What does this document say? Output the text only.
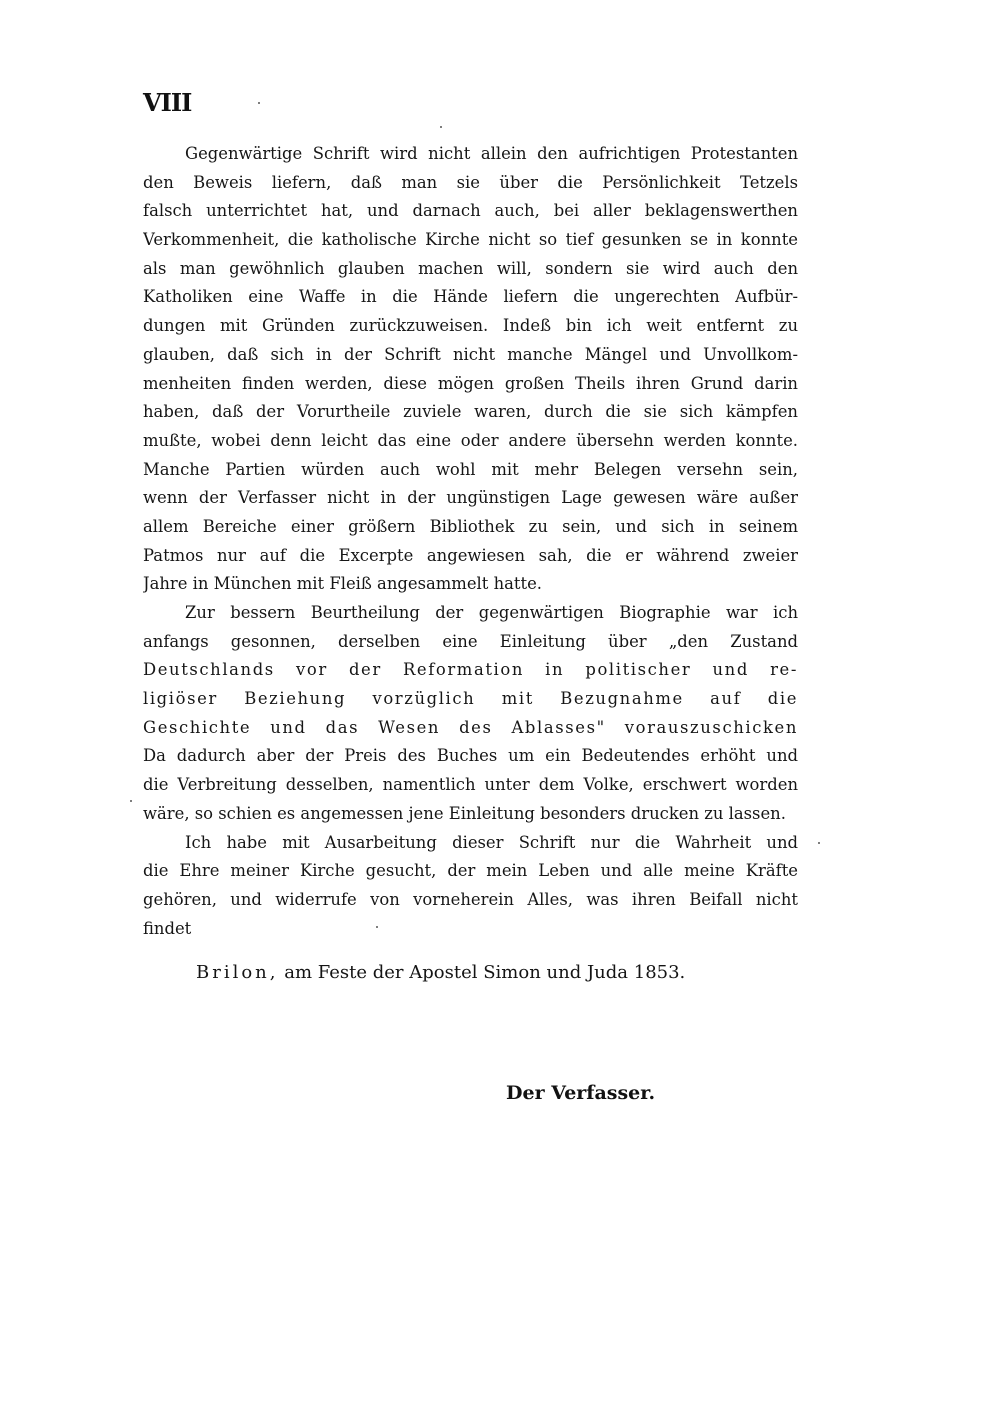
VIII
Gegenwärtige Schrift wird nicht allein den aufrichtigen Protestanten
den Beweis liefern, daß man sie über die Persönlichkeit Tetzels
falsch unterrichtet hat, und darnach auch, bei aller beklagenswerthen
Verkommenheit, die katholische Kirche nicht so tief gesunken se in konnte
als man gewöhnlich glauben machen will, sondern sie wird auch den
Katholiken eine Waffe in die Hände liefern die ungerechten Aufbür-
dungen mit Gründen zurückzuweisen. Indeß bin ich weit entfernt zu
glauben, daß sich in der Schrift nicht manche Mängel und Unvollkom-
menheiten finden werden, diese mögen großen Theils ihren Grund darin
haben, daß der Vorurtheile zuviele waren, durch die sie sich kämpfen
mußte, wobei denn leicht das eine oder andere übersehn werden konnte.
Manche Partien würden auch wohl mit mehr Belegen versehn sein,
wenn der Verfasser nicht in der ungünstigen Lage gewesen wäre außer
allem Bereiche einer größern Bibliothek zu sein, und sich in seinem
Patmos nur auf die Excerpte angewiesen sah, die er während zweier
Jahre in München mit Fleiß angesammelt hatte.
Zur bessern Beurtheilung der gegenwärtigen Biographie war ich
anfangs gesonnen, derselben eine Einleitung über „den Zustand
Deutschlands vor der Reformation in politischer und re-
ligiöser Beziehung vorzüglich mit Bezugnahme auf die
Geschichte und das Wesen des Ablasses" vorauszuschicken
Da dadurch aber der Preis des Buches um ein Bedeutendes erhöht und
die Verbreitung desselben, namentlich unter dem Volke, erschwert worden
wäre, so schien es angemessen jene Einleitung besonders drucken zu lassen.
Ich habe mit Ausarbeitung dieser Schrift nur die Wahrheit und
die Ehre meiner Kirche gesucht, der mein Leben und alle meine Kräfte
gehören, und widerrufe von vorneherein Alles, was ihren Beifall nicht
findet
Brilon, am Feste der Apostel Simon und Juda 1853.
Der Verfasser.
